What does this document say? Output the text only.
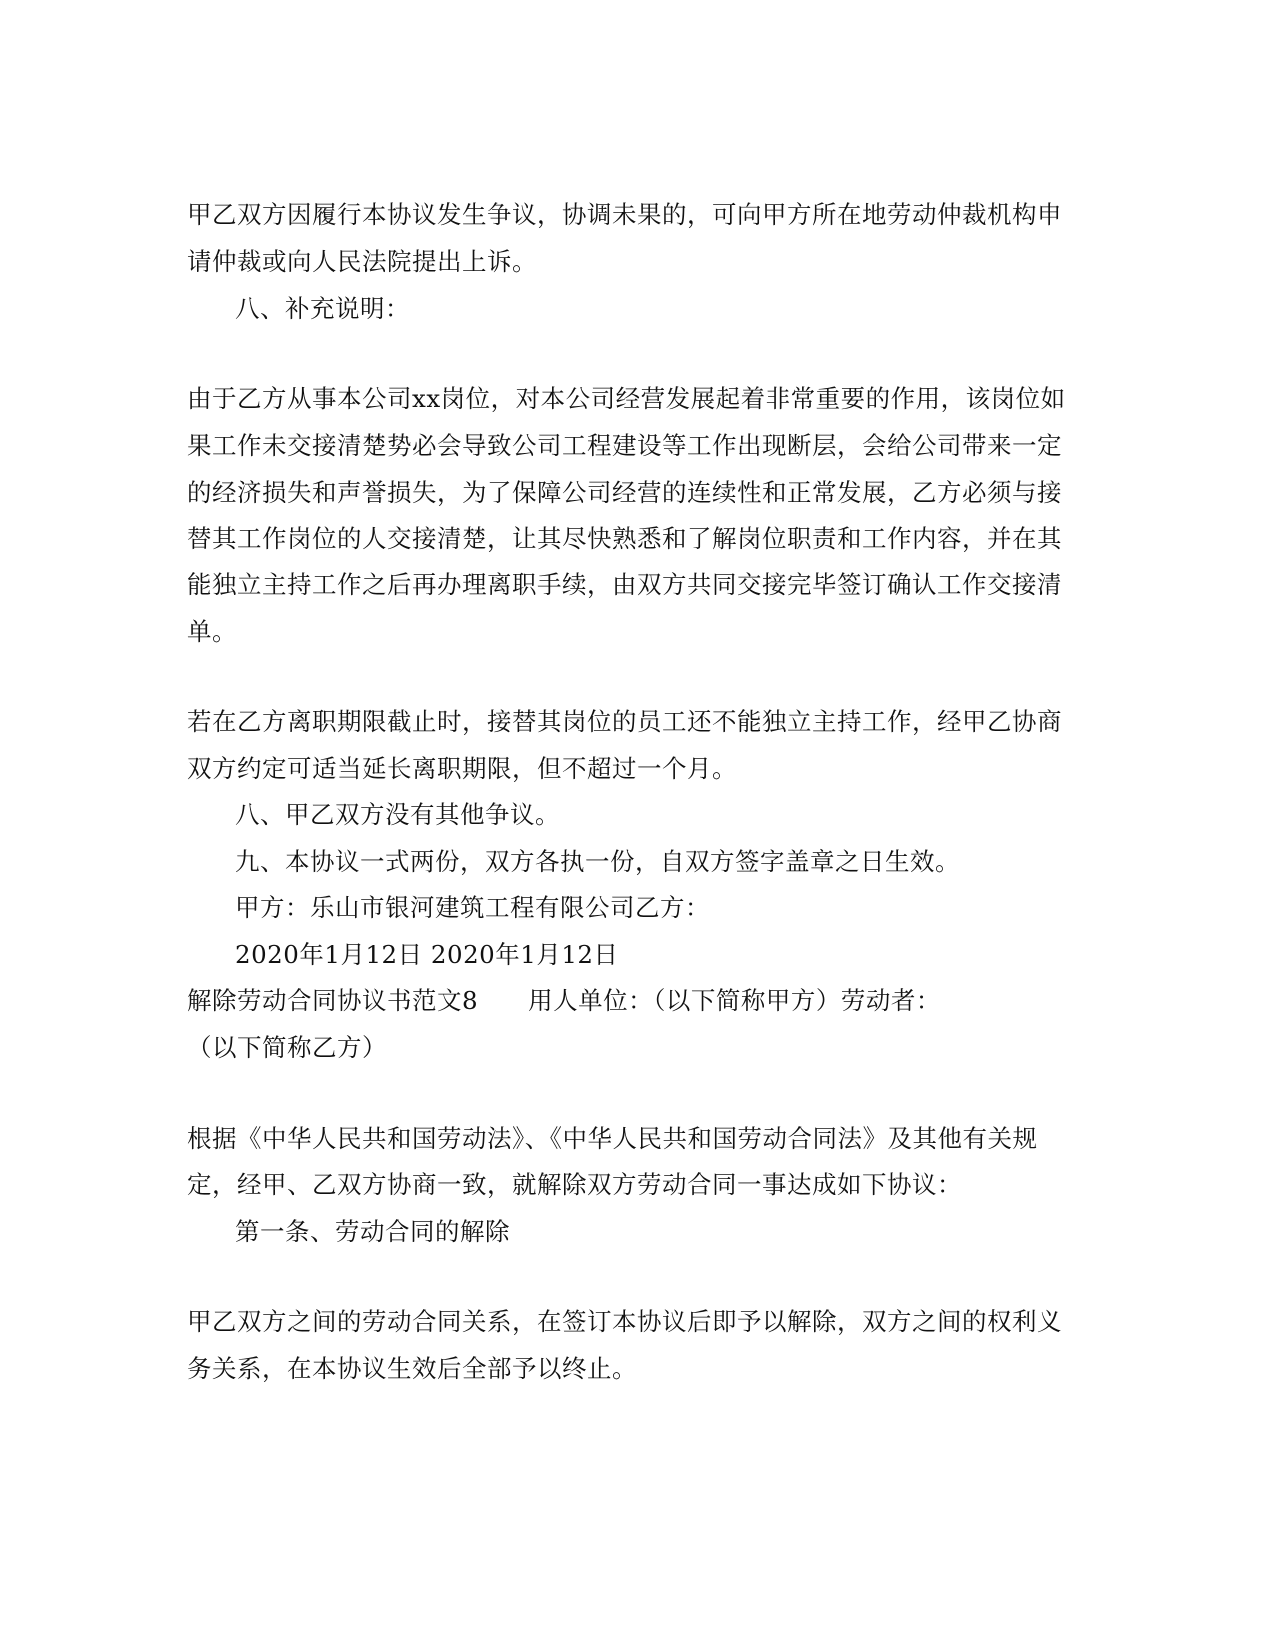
甲乙双方因履行本协议发生争议，协调未果的，可向甲方所在地劳动仲裁机构申
请仲裁或向人民法院提出上诉。
八、补充说明：
由于乙方从事本公司xx岗位，对本公司经营发展起着非常重要的作用，该岗位如
果工作未交接清楚势必会导致公司工程建设等工作出现断层，会给公司带来一定
的经济损失和声誉损失，为了保障公司经营的连续性和正常发展，乙方必须与接
替其工作岗位的人交接清楚，让其尽快熟悉和了解岗位职责和工作内容，并在其
能独立主持工作之后再办理离职手续，由双方共同交接完毕签订确认工作交接清
单。
若在乙方离职期限截止时，接替其岗位的员工还不能独立主持工作，经甲乙协商
双方约定可适当延长离职期限，但不超过一个月。
八、甲乙双方没有其他争议。
九、本协议一式两份，双方各执一份，自双方签字盖章之日生效。
甲方：乐山市银河建筑工程有限公司乙方：
2020年1月12日 2020年1月12日
解除劳动合同协议书范文8　　用人单位：（以下简称甲方）劳动者：
（以下简称乙方）
根据《中华人民共和国劳动法》、《中华人民共和国劳动合同法》及其他有关规
定，经甲、乙双方协商一致，就解除双方劳动合同一事达成如下协议：
第一条、劳动合同的解除
甲乙双方之间的劳动合同关系，在签订本协议后即予以解除，双方之间的权利义
务关系，在本协议生效后全部予以终止。
